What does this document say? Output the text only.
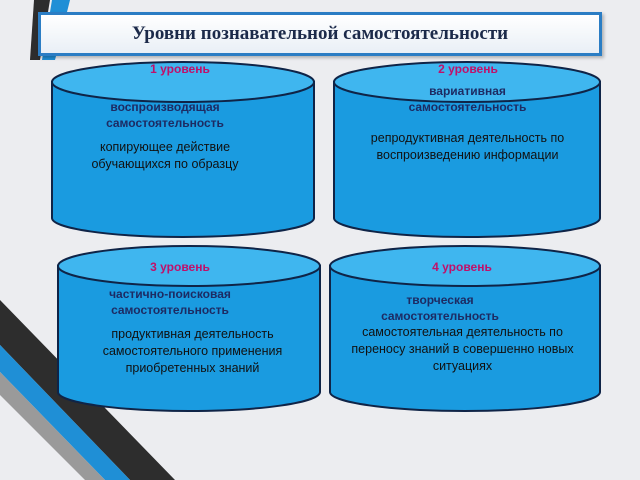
Уровни познавательной самостоятельности
1 уровень
воспроизводящая самостоятельность
копирующее действие обучающихся по образцу
2 уровень
вариативная самостоятельность
репродуктивная деятельность по воспроизведению информации
3 уровень
частично-поисковая самостоятельность
продуктивная деятельность самостоятельного применения приобретенных знаний
4 уровень
творческая самостоятельность
самостоятельная деятельность по переносу знаний в совершенно новых ситуациях
